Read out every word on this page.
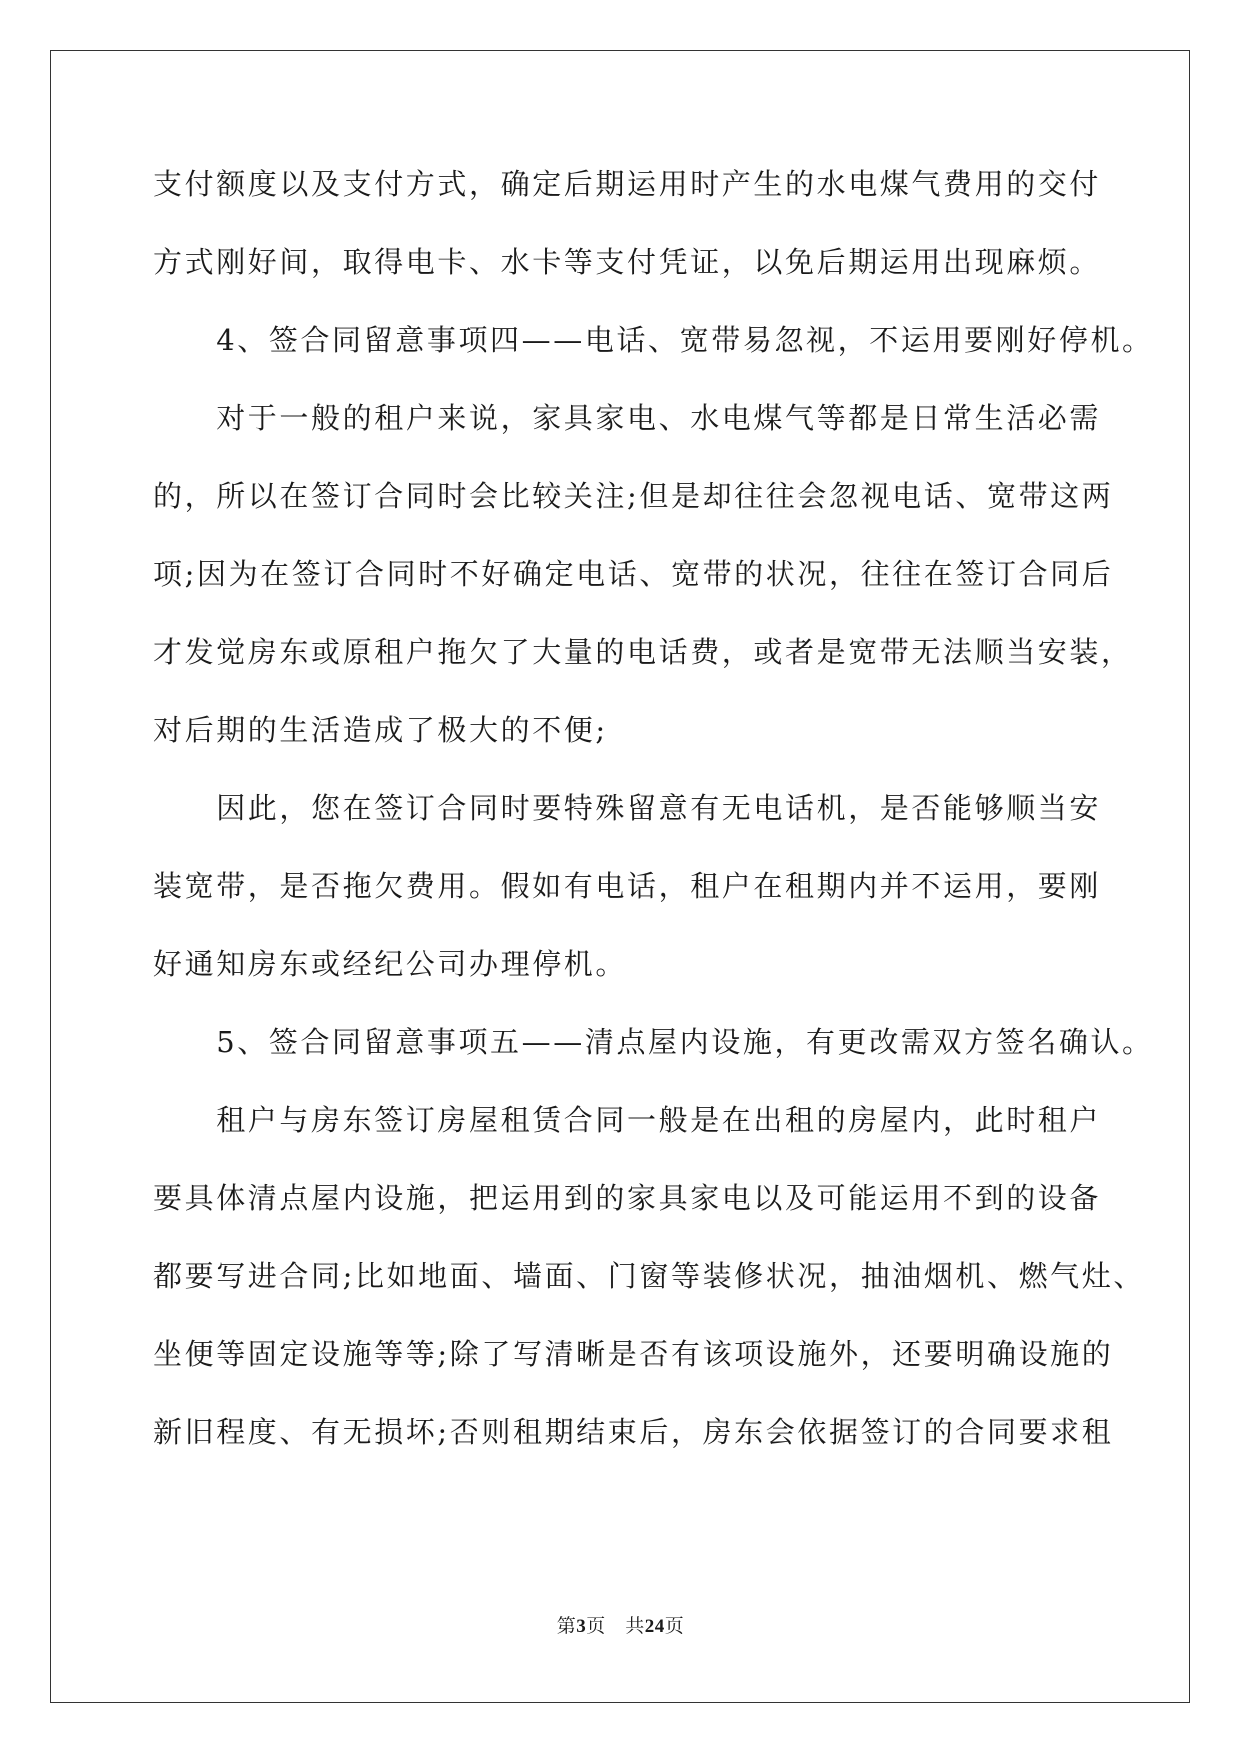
支付额度以及支付方式，确定后期运用时产生的水电煤气费用的交付
方式刚好间，取得电卡、水卡等支付凭证，以免后期运用出现麻烦。
　　4、签合同留意事项四——电话、宽带易忽视，不运用要刚好停机。
　　对于一般的租户来说，家具家电、水电煤气等都是日常生活必需
的，所以在签订合同时会比较关注;但是却往往会忽视电话、宽带这两
项;因为在签订合同时不好确定电话、宽带的状况，往往在签订合同后
才发觉房东或原租户拖欠了大量的电话费，或者是宽带无法顺当安装，
对后期的生活造成了极大的不便;
　　因此，您在签订合同时要特殊留意有无电话机，是否能够顺当安
装宽带，是否拖欠费用。假如有电话，租户在租期内并不运用，要刚
好通知房东或经纪公司办理停机。
　　5、签合同留意事项五——清点屋内设施，有更改需双方签名确认。
　　租户与房东签订房屋租赁合同一般是在出租的房屋内，此时租户
要具体清点屋内设施，把运用到的家具家电以及可能运用不到的设备
都要写进合同;比如地面、墙面、门窗等装修状况，抽油烟机、燃气灶、
坐便等固定设施等等;除了写清晰是否有该项设施外，还要明确设施的
新旧程度、有无损坏;否则租期结束后，房东会依据签订的合同要求租
第3页　 共24页
